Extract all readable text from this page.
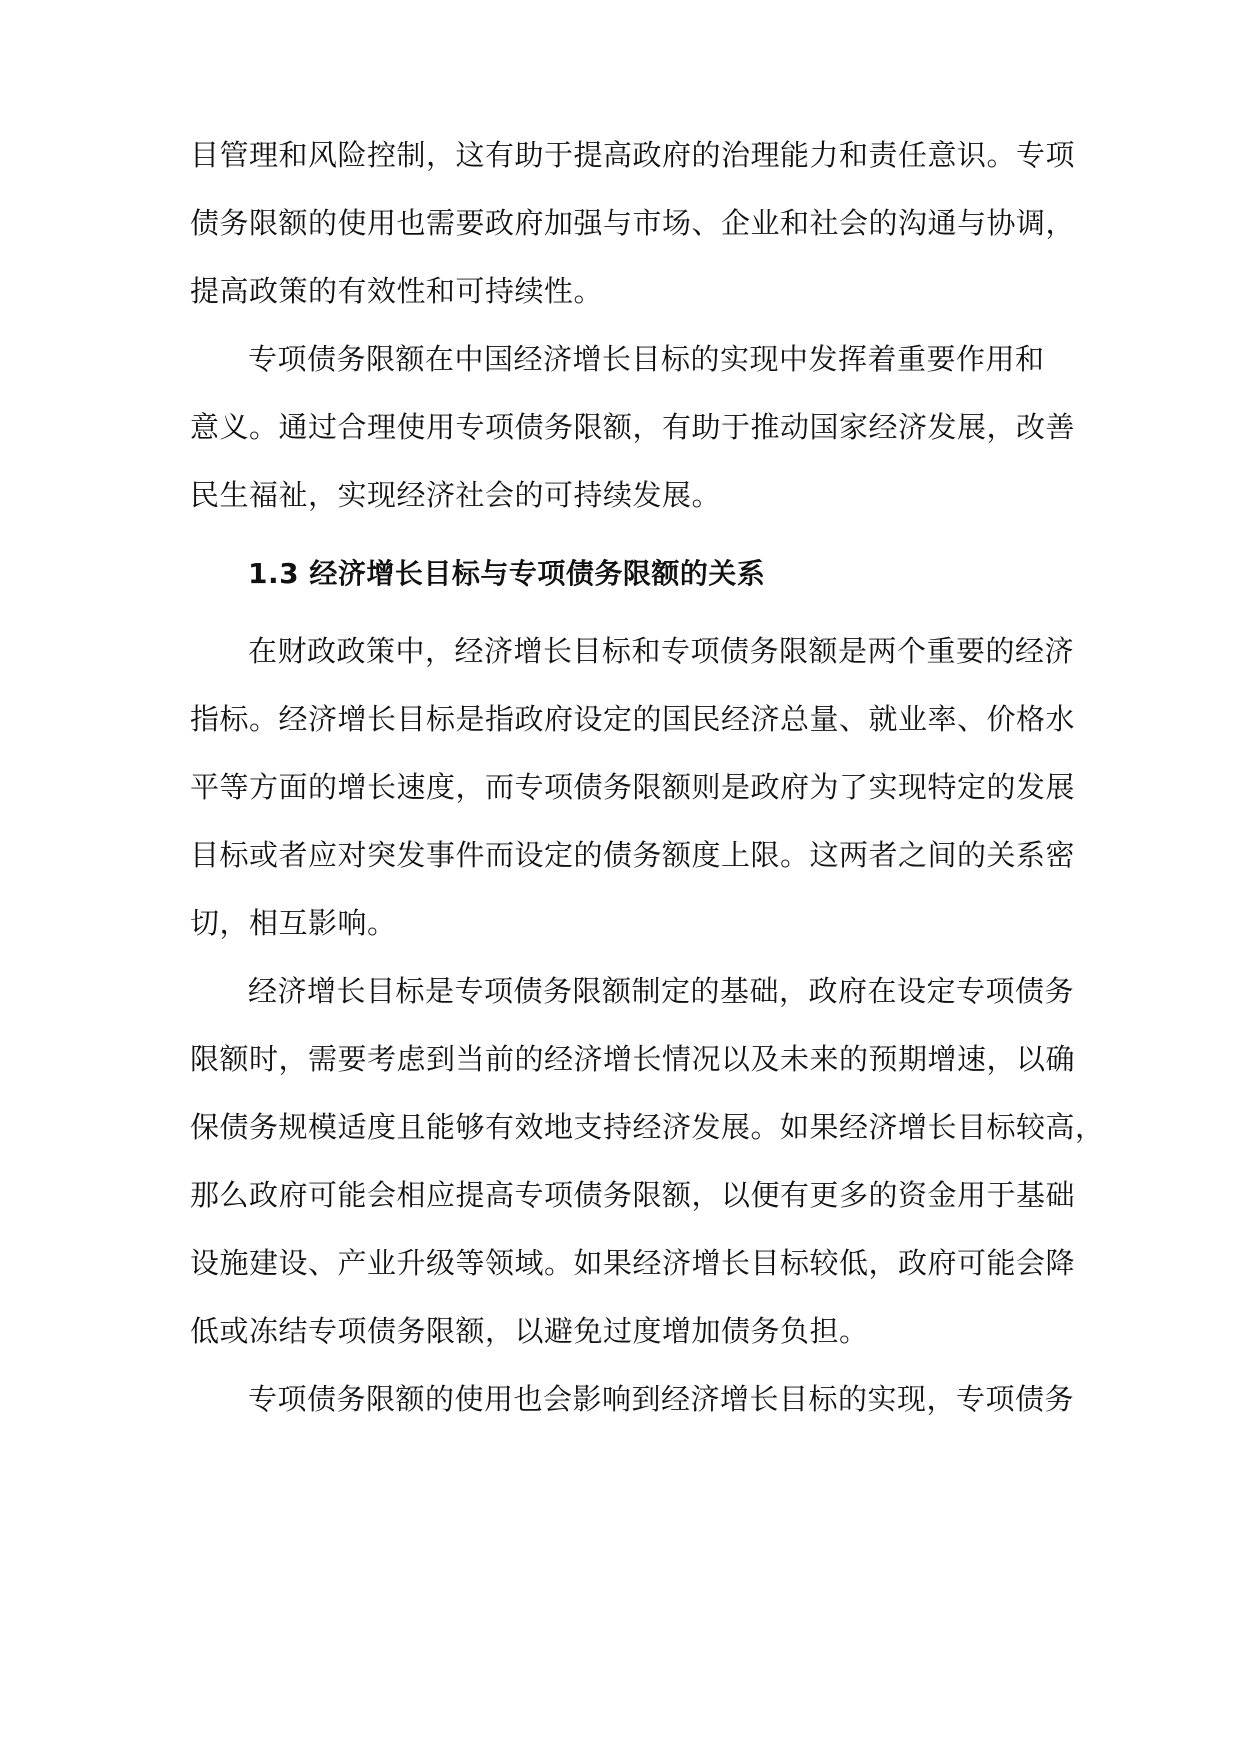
目管理和风险控制，这有助于提高政府的治理能力和责任意识。专项
债务限额的使用也需要政府加强与市场、企业和社会的沟通与协调，
提高政策的有效性和可持续性。
专项债务限额在中国经济增长目标的实现中发挥着重要作用和
意义。通过合理使用专项债务限额，有助于推动国家经济发展，改善
民生福祉，实现经济社会的可持续发展。
1.3 经济增长目标与专项债务限额的关系
在财政政策中，经济增长目标和专项债务限额是两个重要的经济
指标。经济增长目标是指政府设定的国民经济总量、就业率、价格水
平等方面的增长速度，而专项债务限额则是政府为了实现特定的发展
目标或者应对突发事件而设定的债务额度上限。这两者之间的关系密
切，相互影响。
经济增长目标是专项债务限额制定的基础，政府在设定专项债务
限额时，需要考虑到当前的经济增长情况以及未来的预期增速，以确
保债务规模适度且能够有效地支持经济发展。如果经济增长目标较高，
那么政府可能会相应提高专项债务限额，以便有更多的资金用于基础
设施建设、产业升级等领域。如果经济增长目标较低，政府可能会降
低或冻结专项债务限额，以避免过度增加债务负担。
专项债务限额的使用也会影响到经济增长目标的实现，专项债务
